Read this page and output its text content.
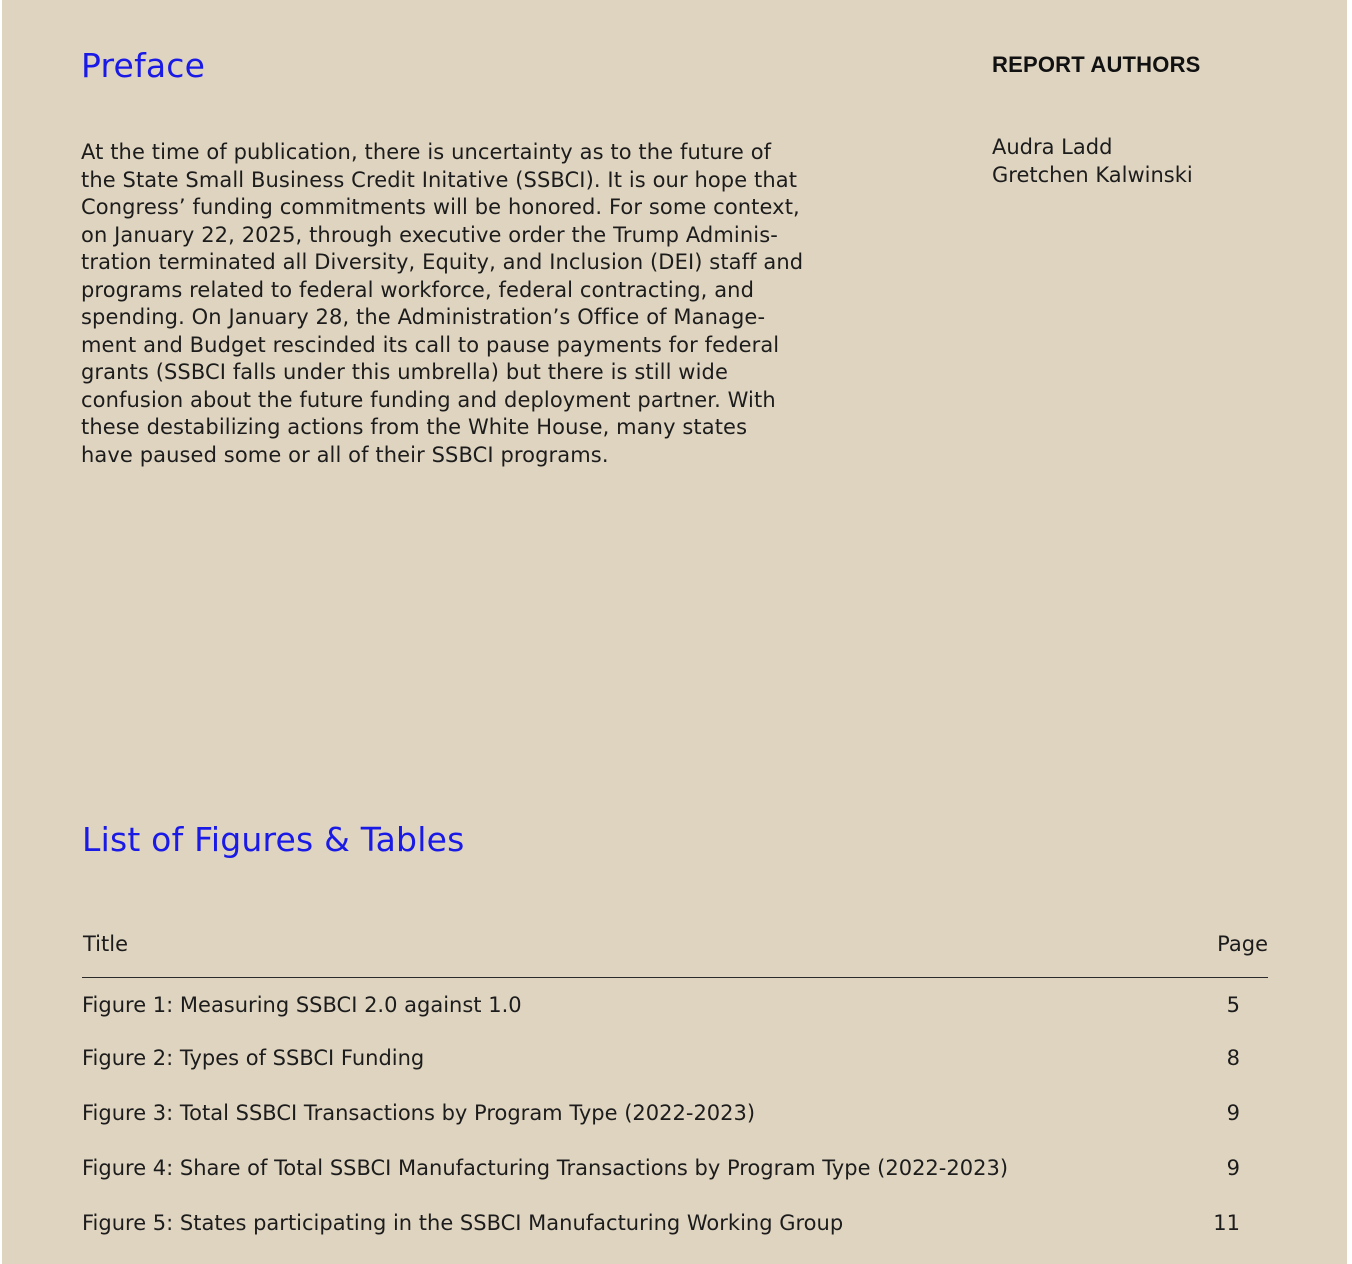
Preface

At the time of publication, there is uncertainty as to the future of
the State Small Business Credit Initative (SSBCI). It is our hope that
Congress’ funding commitments will be honored. For some context,
on January 22, 2025, through executive order the Trump Adminis-
tration terminated all Diversity, Equity, and Inclusion (DEI) staff and
programs related to federal workforce, federal contracting, and
spending. On January 28, the Administration’s Office of Manage-
ment and Budget rescinded its call to pause payments for federal
grants (SSBCI falls under this umbrella) but there is still wide
confusion about the future funding and deployment partner. With
these destabilizing actions from the White House, many states
have paused some or all of their SSBCI programs.

REPORT AUTHORS
Audra Ladd
Gretchen Kalwinski
List of Figures & Tables
Title	Page
Figure 1: Measuring SSBCI 2.0 against 1.0	5
Figure 2: Types of SSBCI Funding	8
Figure 3: Total SSBCI Transactions by Program Type (2022-2023)	9
Figure 4: Share of Total SSBCI Manufacturing Transactions by Program Type (2022-2023)	9
Figure 5: States participating in the SSBCI Manufacturing Working Group	11
